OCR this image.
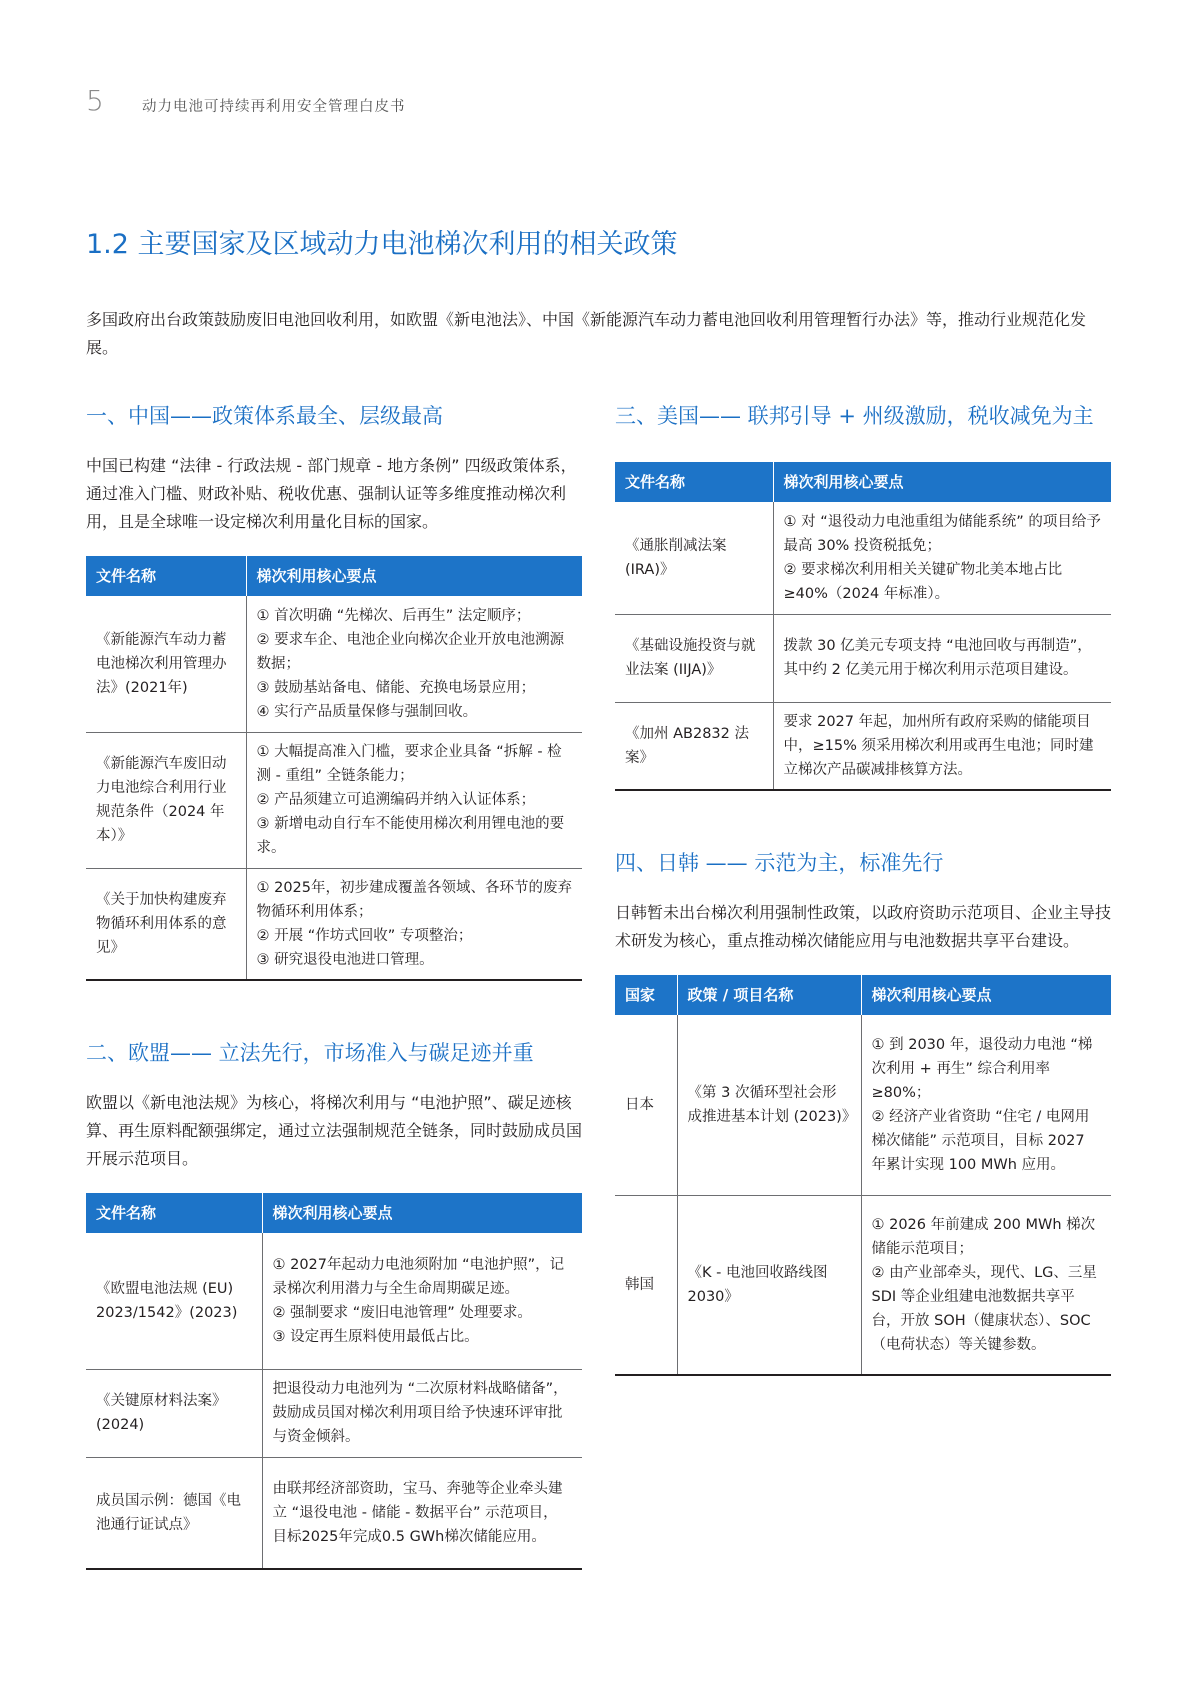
5	动力电池可持续再利用安全管理白皮书
1.2 主要国家及区域动力电池梯次利用的相关政策

多国政府出台政策鼓励废旧电池回收利用，如欧盟《新电池法》、中国《新能源汽车动力蓄电池回收利用管理暂行办法》等，推动行业规范化发展。

一、中国——政策体系最全、层级最高

中国已构建 “法律 - 行政法规 - 部门规章 - 地方条例” 四级政策体系，通过准入门槛、财政补贴、税收优惠、强制认证等多维度推动梯次利用，且是全球唯一设定梯次利用量化目标的国家。

文件名称	梯次利用核心要点
《新能源汽车动力蓄电池梯次利用管理办法》(2021年)	① 首次明确 “先梯次、后再生” 法定顺序；
② 要求车企、电池企业向梯次企业开放电池溯源数据；
③ 鼓励基站备电、储能、充换电场景应用；
④ 实行产品质量保修与强制回收。

《新能源汽车废旧动力电池综合利用行业规范条件（2024 年本）》	① 大幅提高准入门槛，要求企业具备 “拆解 - 检测 - 重组” 全链条能力；
② 产品须建立可追溯编码并纳入认证体系；
③ 新增电动自行车不能使用梯次利用锂电池的要求。

《关于加快构建废弃物循环利用体系的意见》	① 2025年，初步建成覆盖各领域、各环节的废弃物循环利用体系；
② 开展 “作坊式回收” 专项整治；
③ 研究退役电池进口管理。
二、欧盟—— 立法先行，市场准入与碳足迹并重

欧盟以《新电池法规》为核心，将梯次利用与 “电池护照”、碳足迹核算、再生原料配额强绑定，通过立法强制规范全链条，同时鼓励成员国开展示范项目。

文件名称	梯次利用核心要点
《欧盟电池法规 (EU) 2023/1542》(2023)	① 2027年起动力电池须附加 “电池护照”，记录梯次利用潜力与全生命周期碳足迹。
② 强制要求 “废旧电池管理” 处理要求。
③ 设定再生原料使用最低占比。

《关键原材料法案》(2024)	把退役动力电池列为 “二次原材料战略储备”，鼓励成员国对梯次利用项目给予快速环评审批与资金倾斜。

成员国示例：德国《电池通行证试点》	由联邦经济部资助，宝马、奔驰等企业牵头建立 “退役电池 - 储能 - 数据平台” 示范项目，目标2025年完成0.5 GWh梯次储能应用。
三、美国—— 联邦引导 + 州级激励，税收减免为主
文件名称	梯次利用核心要点
《通胀削减法案 (IRA)》	① 对 “退役动力电池重组为储能系统” 的项目给予最高 30% 投资税抵免；
② 要求梯次利用相关关键矿物北美本地占比≥40%（2024 年标准）。

《基础设施投资与就业法案 (IIJA)》	拨款 30 亿美元专项支持 “电池回收与再制造”，其中约 2 亿美元用于梯次利用示范项目建设。

《加州 AB2832 法案》	要求 2027 年起，加州所有政府采购的储能项目中，≥15% 须采用梯次利用或再生电池；同时建立梯次产品碳减排核算方法。
四、日韩 —— 示范为主，标准先行

日韩暂未出台梯次利用强制性政策，以政府资助示范项目、企业主导技术研发为核心，重点推动梯次储能应用与电池数据共享平台建设。

国家	政策 / 项目名称	梯次利用核心要点
日本	《第 3 次循环型社会形成推进基本计划 (2023)》	① 到 2030 年，退役动力电池 “梯次利用 + 再生” 综合利用率≥80%；
② 经济产业省资助 “住宅 / 电网用梯次储能” 示范项目，目标 2027 年累计实现 100 MWh 应用。

韩国	《K - 电池回收路线图 2030》	① 2026 年前建成 200 MWh 梯次储能示范项目；
② 由产业部牵头，现代、LG、三星 SDI 等企业组建电池数据共享平台，开放 SOH（健康状态）、SOC（电荷状态）等关键参数。
